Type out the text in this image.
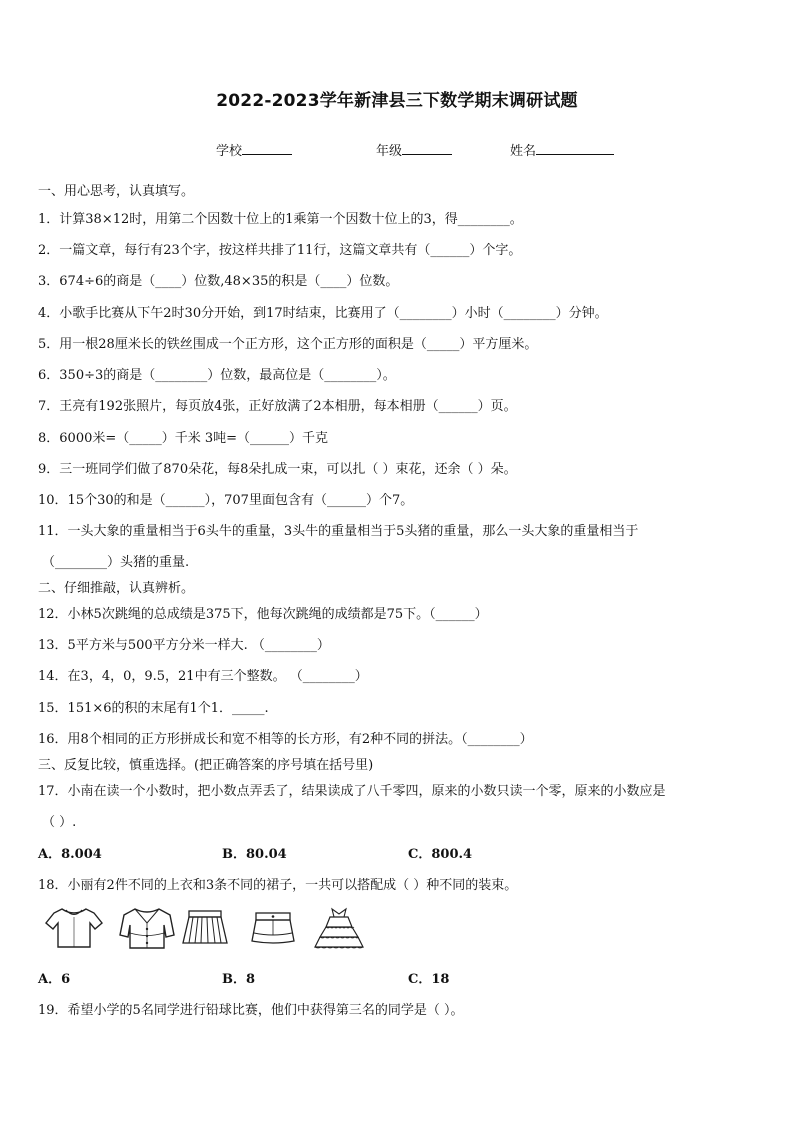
2022-2023学年新津县三下数学期末调研试题
学校	年级	姓名
一、用心思考，认真填写。
1．计算38×12时，用第二个因数十位上的1乘第一个因数十位上的3，得________。
2．一篇文章，每行有23个字，按这样共排了11行，这篇文章共有（______）个字。
3．674÷6的商是（____）位数,48×35的积是（____）位数。
4．小歌手比赛从下午2时30分开始，到17时结束，比赛用了（________）小时（________）分钟。
5．用一根28厘米长的铁丝围成一个正方形，这个正方形的面积是（_____）平方厘米。
6．350÷3的商是（________）位数，最高位是（________）。
7．王亮有192张照片，每页放4张，正好放满了2本相册，每本相册（______）页。
8．6000米=（_____）千米 3吨=（______）千克
9．三一班同学们做了870朵花，每8朵扎成一束，可以扎（ ）束花，还余（ ）朵。
10．15个30的和是（______），707里面包含有（______）个7。
11．一头大象的重量相当于6头牛的重量，3头牛的重量相当于5头猪的重量，那么一头大象的重量相当于
（________）头猪的重量.
二、仔细推敲，认真辨析。
12．小林5次跳绳的总成绩是375下，他每次跳绳的成绩都是75下。（______）
13．5平方米与500平方分米一样大. （________）
14．在3，4，0，9.5，21中有三个整数。 （________）
15．151×6的积的末尾有1个1．_____.
16．用8个相同的正方形拼成长和宽不相等的长方形，有2种不同的拼法。（________）
三、反复比较，慎重选择。(把正确答案的序号填在括号里)
17．小南在读一个小数时，把小数点弄丢了，结果读成了八千零四，原来的小数只读一个零，原来的小数应是
（ ）.
A．8.004	B．80.04	C．800.4
18．小丽有2件不同的上衣和3条不同的裙子，一共可以搭配成（ ）种不同的装束。
A．6	B．8	C．18
19．希望小学的5名同学进行铅球比赛，他们中获得第三名的同学是（ ）。
